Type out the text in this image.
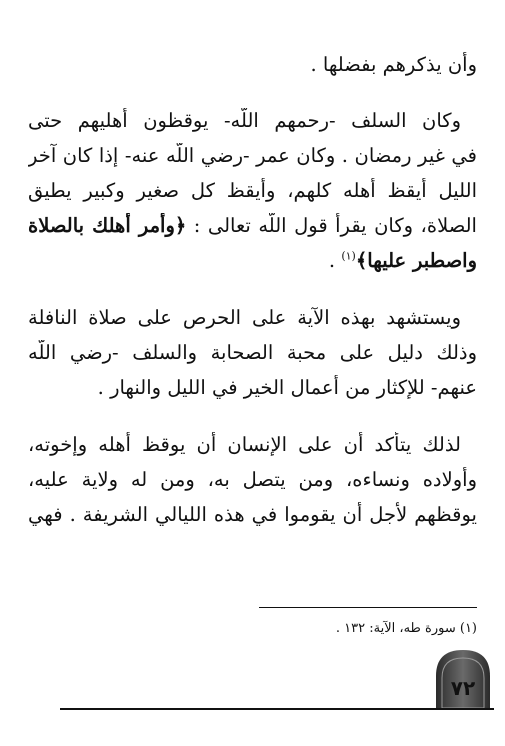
وأن يذكرهم بفضلها .
وكان السلف -رحمهم اللّه- يوقظون أهليهم حتى
في غير رمضان . وكان عمر -رضي اللّه عنه- إذا كان آخر
الليل أيقظ أهله كلهم، وأيقظ كل صغير وكبير يطيق
الصلاة، وكان يقرأ قول اللّه تعالى : ﴿وأمر أهلك بالصلاة
واصطبر عليها﴾$^{(١)}$ .
ويستشهد بهذه الآية على الحرص على صلاة النافلة
وذلك دليل على محبة الصحابة والسلف -رضي اللّه
عنهم- للإكثار من أعمال الخير في الليل والنهار .
لذلك يتأكد أن على الإنسان أن يوقظ أهله وإخوته،
وأولاده ونساءه، ومن يتصل به، ومن له ولاية عليه،
يوقظهم لأجل أن يقوموا في هذه الليالي الشريفة . فهي
(١) سورة طه، الآية: ١٣٢ .
٧٢
